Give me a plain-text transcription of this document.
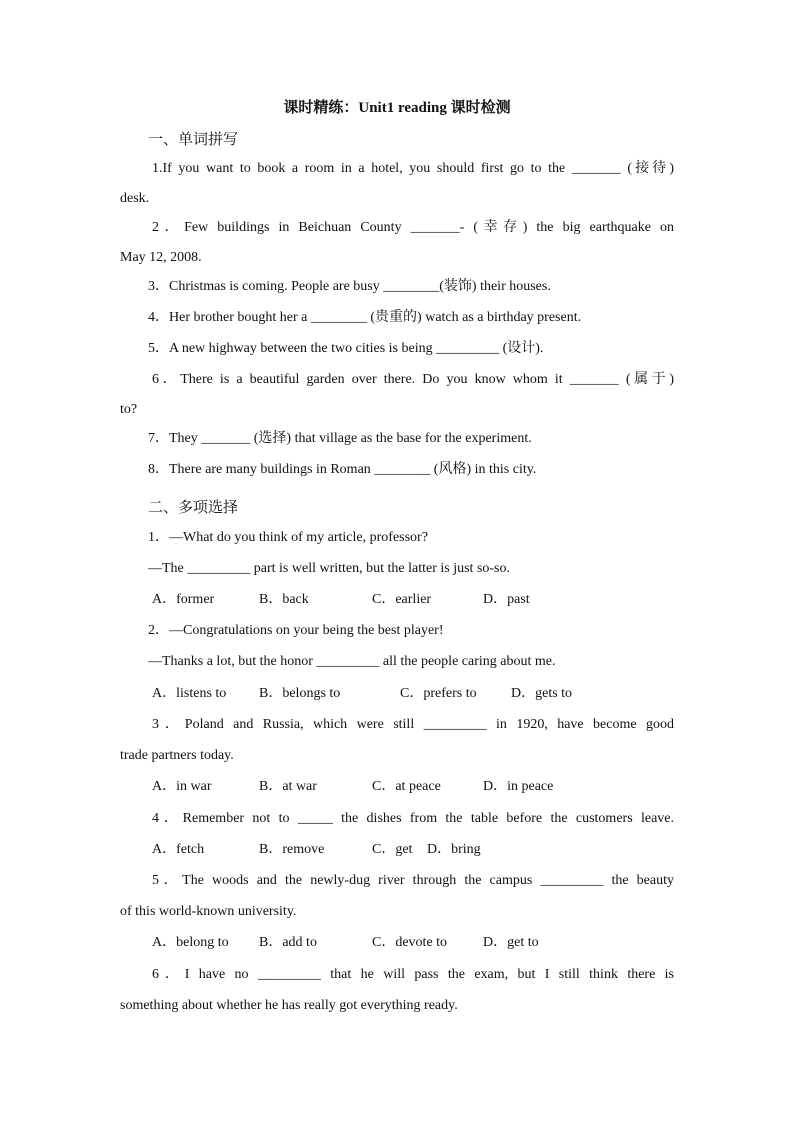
课时精练：Unit1 reading 课时检测
一、单词拼写
1.If you want to book a room in a hotel, you should first go to the _______ (接待)
desk.
2．Few buildings in Beichuan County _______- (幸存) the big earthquake on
May 12, 2008.
3．Christmas is coming. People are busy ________(装饰) their houses.
4．Her brother bought her a ________ (贵重的) watch as a birthday present.
5．A new highway between the two cities is being _________ (设计).
6．There is a beautiful garden over there. Do you know whom it _______ (属于)
to?
7．They _______ (选择) that village as the base for the experiment.
8．There are many buildings in Roman ________ (风格) in this city.
二、多项选择
1．—What do you think of my article, professor?
—The _________ part is well written, but the latter is just so-so.
A．former	B．back	C．earlier	D．past
2．—Congratulations on your being the best player!
—Thanks a lot, but the honor _________ all the people caring about me.
A．listens to B．belongs to	C．prefers to D．gets to
3．Poland and Russia, which were still _________ in 1920, have become good
trade partners today.
A．in war	B．at war	C．at peace	D．in peace
4．Remember not to _____ the dishes from the table before the customers leave.
A．fetch	B．remove	C．get D．bring
5．The woods and the newly-dug river through the campus _________ the beauty
of this world-known university.
A．belong to B．add to	C．devote to	D．get to
6．I have no _________ that he will pass the exam, but I still think there is
something about whether he has really got everything ready.
